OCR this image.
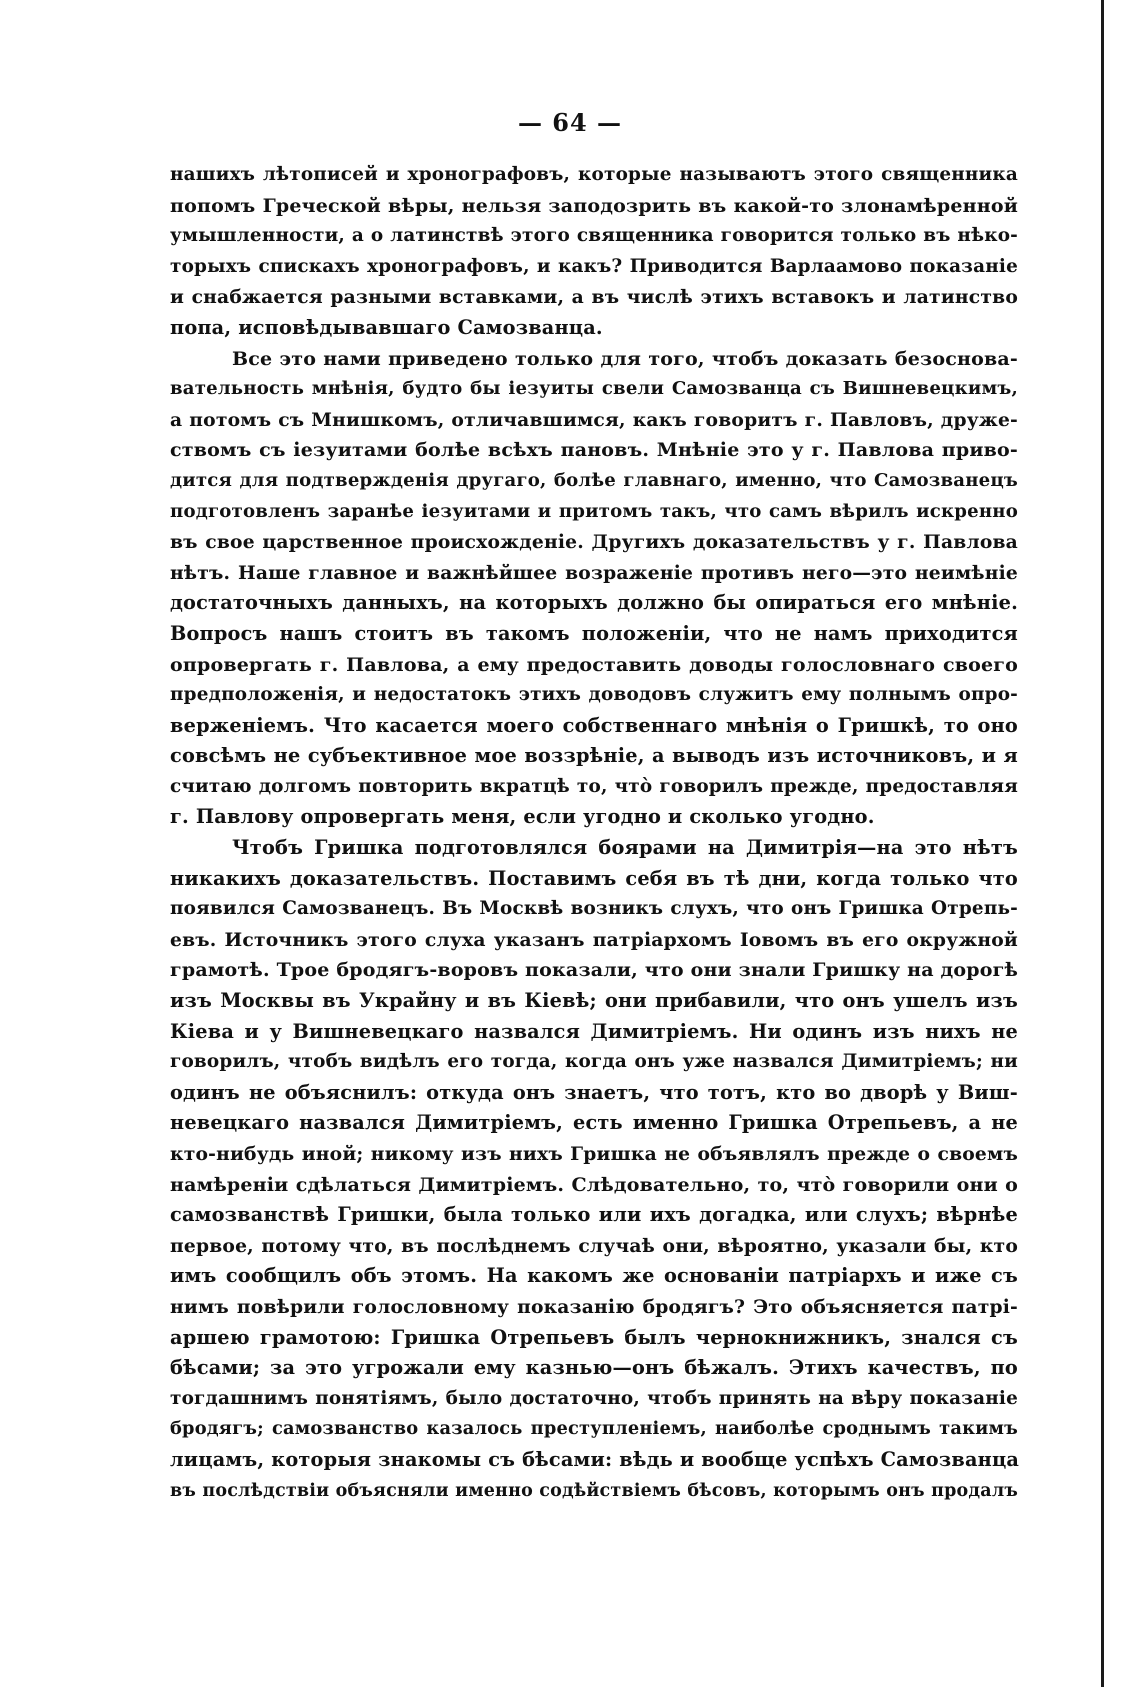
— 64 —
нашихъ лѣтописей и хронографовъ, которые называютъ этого священника
попомъ Греческой вѣры, нельзя заподозрить въ какой-то злонамѣренной
умышленности, а о латинствѣ этого священника говорится только въ нѣко-
торыхъ спискахъ хронографовъ, и какъ? Приводится Варлаамово показаніе
и снабжается разными вставками, а въ числѣ этихъ вставокъ и латинство
попа, исповѣдывавшаго Самозванца.
Все это нами приведено только для того, чтобъ доказать безоснова-
вательность мнѣнія, будто бы іезуиты свели Самозванца съ Вишневецкимъ,
а потомъ съ Мнишкомъ, отличавшимся, какъ говоритъ г. Павловъ, друже-
ствомъ съ іезуитами болѣе всѣхъ пановъ. Мнѣніе это у г. Павлова приво-
дится для подтвержденія другаго, болѣе главнаго, именно, что Самозванецъ
подготовленъ заранѣе іезуитами и притомъ такъ, что самъ вѣрилъ искренно
въ свое царственное происхожденіе. Другихъ доказательствъ у г. Павлова
нѣтъ. Наше главное и важнѣйшее возраженіе противъ него—это неимѣніе
достаточныхъ данныхъ, на которыхъ должно бы опираться его мнѣніе.
Вопросъ нашъ стоитъ въ такомъ положеніи, что не намъ приходится
опровергать г. Павлова, а ему предоставить доводы голословнаго своего
предположенія, и недостатокъ этихъ доводовъ служитъ ему полнымъ опро-
верженіемъ. Что касается моего собственнаго мнѣнія о Гришкѣ, то оно
совсѣмъ не субъективное мое воззрѣніе, а выводъ изъ источниковъ, и я
считаю долгомъ повторить вкратцѣ то, что̀ говорилъ прежде, предоставляя
г. Павлову опровергать меня, если угодно и сколько угодно.
Чтобъ Гришка подготовлялся боярами на Димитрія—на это нѣтъ
никакихъ доказательствъ. Поставимъ себя въ тѣ дни, когда только что
появился Самозванецъ. Въ Москвѣ возникъ слухъ, что онъ Гришка Отрепь-
евъ. Источникъ этого слуха указанъ патріархомъ Іовомъ въ его окружной
грамотѣ. Трое бродягъ-воровъ показали, что они знали Гришку на дорогѣ
изъ Москвы въ Украйну и въ Кіевѣ; они прибавили, что онъ ушелъ изъ
Кіева и у Вишневецкаго назвался Димитріемъ. Ни одинъ изъ нихъ не
говорилъ, чтобъ видѣлъ его тогда, когда онъ уже назвался Димитріемъ; ни
одинъ не объяснилъ: откуда онъ знаетъ, что тотъ, кто во дворѣ у Виш-
невецкаго назвался Димитріемъ, есть именно Гришка Отрепьевъ, а не
кто-нибудь иной; никому изъ нихъ Гришка не объявлялъ прежде о своемъ
намѣреніи сдѣлаться Димитріемъ. Слѣдовательно, то, что̀ говорили они о
самозванствѣ Гришки, была только или ихъ догадка, или слухъ; вѣрнѣе
первое, потому что, въ послѣднемъ случаѣ они, вѣроятно, указали бы, кто
имъ сообщилъ объ этомъ. На какомъ же основаніи патріархъ и иже съ
нимъ повѣрили голословному показанію бродягъ? Это объясняется патрі-
аршею грамотою: Гришка Отрепьевъ былъ чернокнижникъ, знался съ
бѣсами; за это угрожали ему казнью—онъ бѣжалъ. Этихъ качествъ, по
тогдашнимъ понятіямъ, было достаточно, чтобъ принять на вѣру показаніе
бродягъ; самозванство казалось преступленіемъ, наиболѣе сроднымъ такимъ
лицамъ, которыя знакомы съ бѣсами: вѣдь и вообще успѣхъ Самозванца
въ послѣдствіи объясняли именно содѣйствіемъ бѣсовъ, которымъ онъ продалъ
